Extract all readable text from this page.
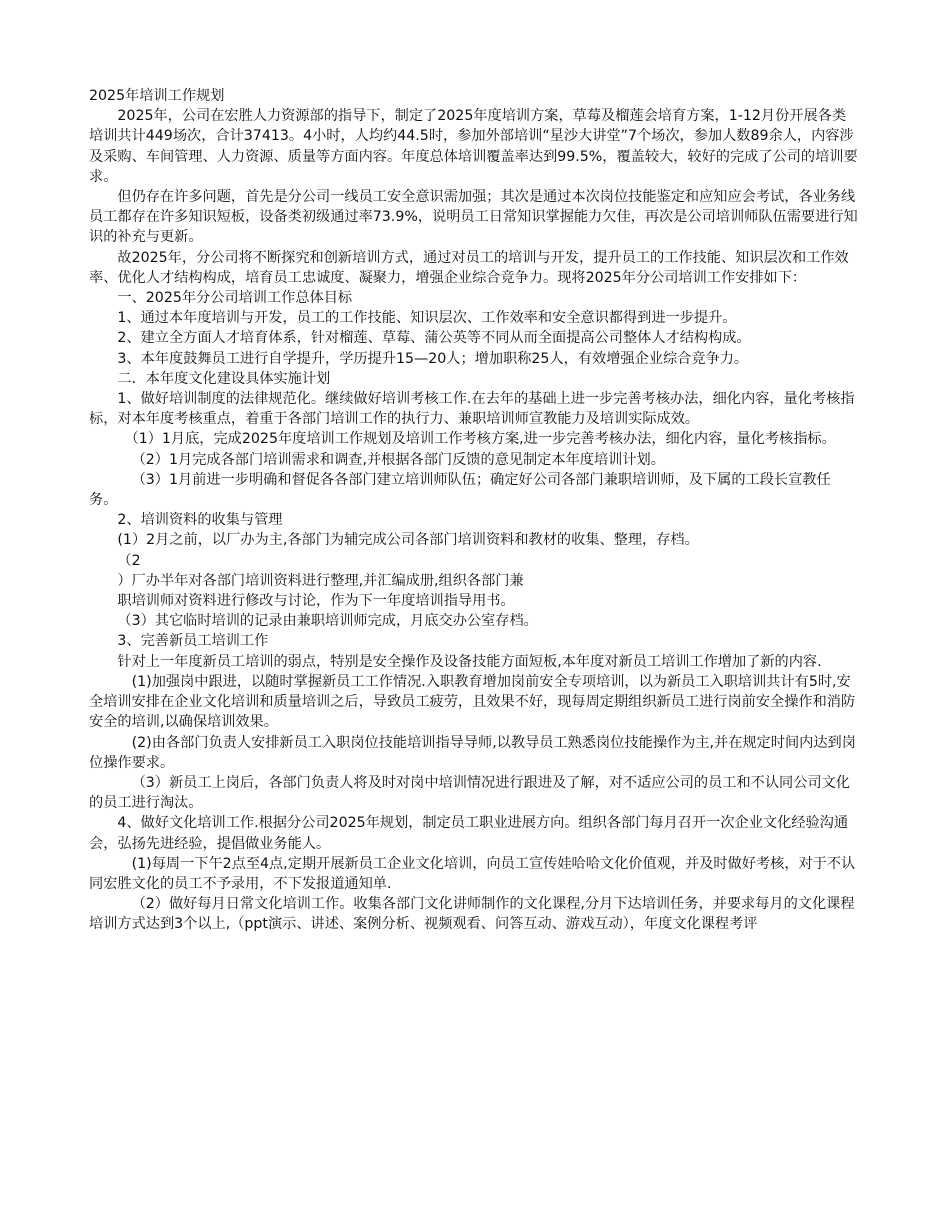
2025年培训工作规划

2025年，公司在宏胜人力资源部的指导下，制定了2025年度培训方案，草莓及榴莲会培育方案，1-12月份开展各类培训共计449场次，合计37413。4小时，人均约44.5时，参加外部培训“星沙大讲堂”7个场次，参加人数89余人，内容涉及采购、车间管理、人力资源、质量等方面内容。年度总体培训覆盖率达到99.5%，覆盖较大，较好的完成了公司的培训要求。

但仍存在许多问题，首先是分公司一线员工安全意识需加强；其次是通过本次岗位技能鉴定和应知应会考试，各业务线员工都存在许多知识短板，设备类初级通过率73.9%，说明员工日常知识掌握能力欠佳，再次是公司培训师队伍需要进行知识的补充与更新。

故2025年，分公司将不断探究和创新培训方式，通过对员工的培训与开发，提升员工的工作技能、知识层次和工作效率、优化人才结构构成，培育员工忠诚度、凝聚力，增强企业综合竞争力。现将2025年分公司培训工作安排如下：

一、2025年分公司培训工作总体目标

1、通过本年度培训与开发，员工的工作技能、知识层次、工作效率和安全意识都得到进一步提升。

2、建立全方面人才培育体系，针对榴莲、草莓、蒲公英等不同从而全面提高公司整体人才结构构成。

3、本年度鼓舞员工进行自学提升，学历提升15—20人；增加职称25人，有效增强企业综合竞争力。

二．本年度文化建设具体实施计划

1、做好培训制度的法律规范化。继续做好培训考核工作.在去年的基础上进一步完善考核办法，细化内容，量化考核指标，对本年度考核重点，着重于各部门培训工作的执行力、兼职培训师宣教能力及培训实际成效。

（1）1月底，完成2025年度培训工作规划及培训工作考核方案,进一步完善考核办法，细化内容，量化考核指标。

（2）1月完成各部门培训需求和调查,并根据各部门反馈的意见制定本年度培训计划。

（3）1月前进一步明确和督促各各部门建立培训师队伍；确定好公司各部门兼职培训师，及下属的工段长宣教任务。

2、培训资料的收集与管理

(1）2月之前，以厂办为主,各部门为辅完成公司各部门培训资料和教材的收集、整理，存档。

（2

）厂办半年对各部门培训资料进行整理,并汇编成册,组织各部门兼

职培训师对资料进行修改与讨论，作为下一年度培训指导用书。

（3）其它临时培训的记录由兼职培训师完成，月底交办公室存档。

3、完善新员工培训工作

针对上一年度新员工培训的弱点，特别是安全操作及设备技能方面短板,本年度对新员工培训工作增加了新的内容.

(1)加强岗中跟进，以随时掌握新员工工作情况.入职教育增加岗前安全专项培训，以为新员工入职培训共计有5时,安全培训安排在企业文化培训和质量培训之后，导致员工疲劳，且效果不好，现每周定期组织新员工进行岗前安全操作和消防安全的培训,以确保培训效果。

(2)由各部门负责人安排新员工入职岗位技能培训指导导师,以教导员工熟悉岗位技能操作为主,并在规定时间内达到岗位操作要求。

（3）新员工上岗后，各部门负责人将及时对岗中培训情况进行跟进及了解，对不适应公司的员工和不认同公司文化的员工进行淘汰。

4、做好文化培训工作.根据分公司2025年规划，制定员工职业进展方向。组织各部门每月召开一次企业文化经验沟通会，弘扬先进经验，提倡做业务能人。

(1)每周一下午2点至4点,定期开展新员工企业文化培训，向员工宣传娃哈哈文化价值观，并及时做好考核，对于不认同宏胜文化的员工不予录用，不下发报道通知单.

（2）做好每月日常文化培训工作。收集各部门文化讲师制作的文化课程,分月下达培训任务，并要求每月的文化课程培训方式达到3个以上,（ppt演示、讲述、案例分析、视频观看、问答互动、游戏互动），年度文化课程考评
